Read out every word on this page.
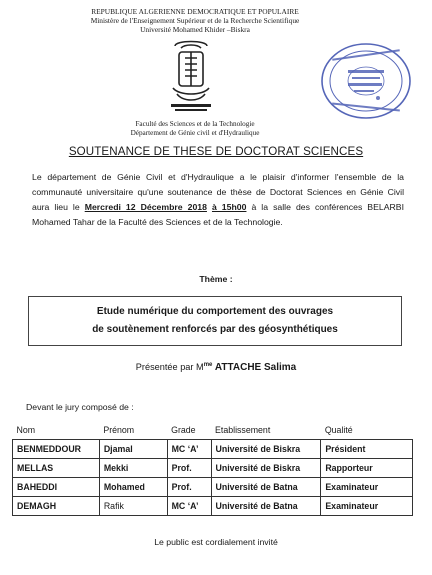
REPUBLIQUE ALGERIENNE DEMOCRATIQUE ET POPULAIRE
Ministère de l'Enseignement Supérieur et de la Recherche Scientifique
Université Mohamed Khider –Biskra
Faculté des Sciences et de la Technologie
Département de Génie civil et d'Hydraulique
SOUTENANCE DE THESE DE DOCTORAT SCIENCES
Le département de Génie Civil et d'Hydraulique a le plaisir d'informer l'ensemble de la communauté universitaire qu'une soutenance de thèse de Doctorat Sciences en Génie Civil aura lieu le Mercredi 12 Décembre 2018 à 15h00 à la salle des conférences BELARBI Mohamed Tahar de la Faculté des Sciences et de la Technologie.
Thème :
Etude numérique du comportement des ouvrages
de soutènement renforcés par des géosynthétiques
Présentée par $M^{me}$ ATTACHE Salima
Devant le jury composé de :
Nom	Prénom	Grade	Etablissement	Qualité
BENMEDDOUR	Djamal	MC ‘A’	Université de Biskra	Président
MELLAS	Mekki	Prof.	Université de Biskra	Rapporteur
BAHEDDI	Mohamed	Prof.	Université de Batna	Examinateur
DEMAGH	Rafik	MC ‘A’	Université de Batna	Examinateur
Le public est cordialement invité
